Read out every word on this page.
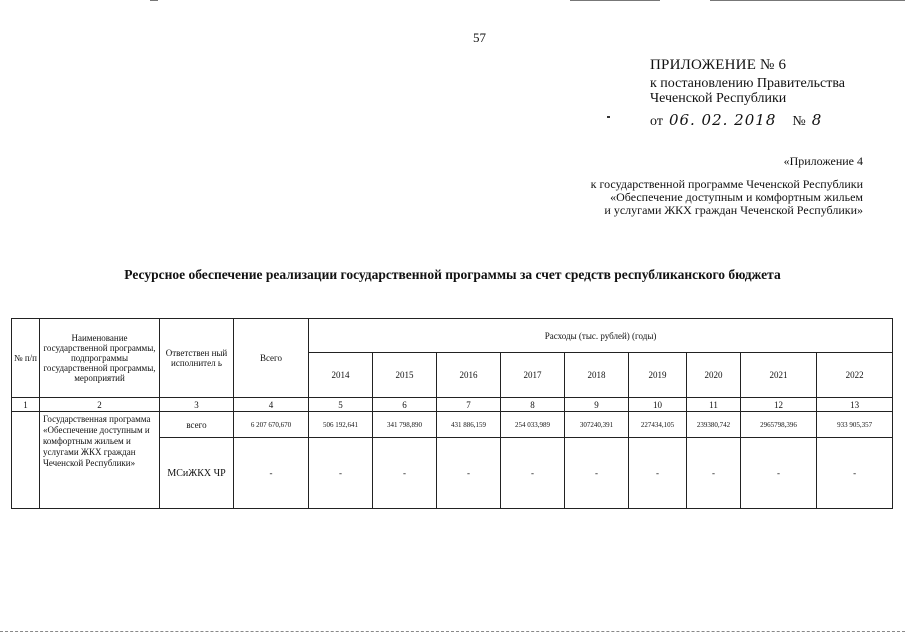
57
ПРИЛОЖЕНИЕ № 6
к постановлению Правительства
Чеченской Республики
от 06. 02. 2018 № 8
«Приложение 4
к государственной программе Чеченской Республики
«Обеспечение доступным и комфортным жильем
и услугами ЖКХ граждан Чеченской Республики»
Ресурсное обеспечение реализации государственной программы за счет средств республиканского бюджета
№ п/п	Наименование государственной программы, подпрограммы государственной программы, мероприятий	Ответствен ный исполнител ь	Всего	Расходы (тыс. рублей) (годы)								
				2014	2015	2016	2017	2018	2019	2020	2021	2022
1	2	3	4	5	6	7	8	9	10	11	12	13
	Государственная программа «Обеспечение доступным и комфортным жильем и услугами ЖКХ граждан Чеченской Республики»	всего	6 207 670,670	506 192,641	341 798,890	431 886,159	254 033,989	307240,391	227434,105	239380,742	2965798,396	933 905,357
		МСиЖКХ ЧР	-	-	-	-	-	-	-	-	-	-
